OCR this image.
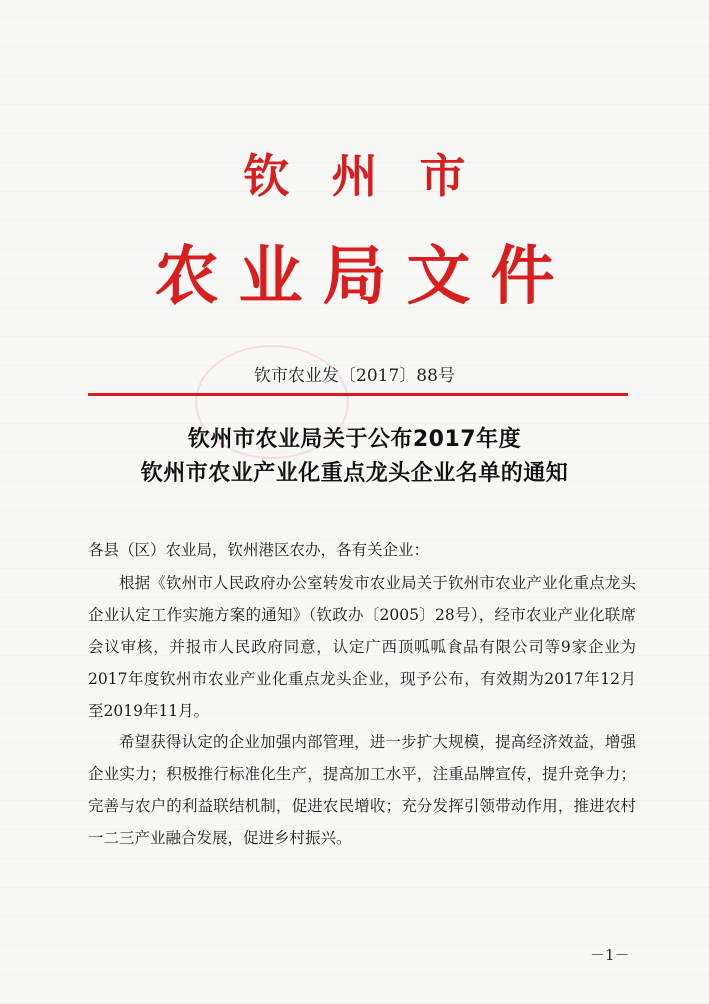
钦州市
农业局文件
钦市农业发〔2017〕88号
钦州市农业局关于公布2017年度
钦州市农业产业化重点龙头企业名单的通知
各县（区）农业局，钦州港区农办，各有关企业：
根据《钦州市人民政府办公室转发市农业局关于钦州市农业产业化重点龙头企业认定工作实施方案的通知》（钦政办〔2005〕28号），经市农业产业化联席会议审核，并报市人民政府同意，认定广西顶呱呱食品有限公司等9家企业为2017年度钦州市农业产业化重点龙头企业，现予公布，有效期为2017年12月至2019年11月。
希望获得认定的企业加强内部管理，进一步扩大规模，提高经济效益，增强企业实力；积极推行标准化生产，提高加工水平，注重品牌宣传，提升竞争力；完善与农户的利益联结机制，促进农民增收；充分发挥引领带动作用，推进农村一二三产业融合发展，促进乡村振兴。
－1－
